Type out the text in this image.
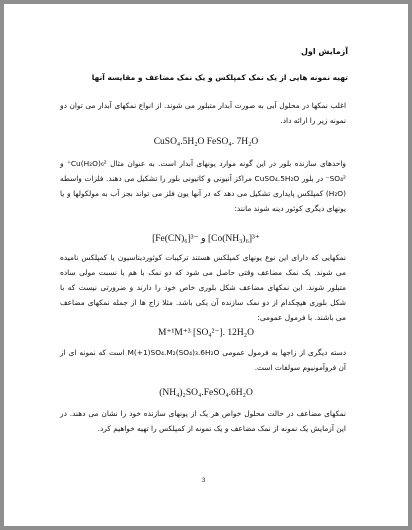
آزمایش اول

تهیه نمونه هایی از یک نمک کمپلکس و یک نمک مضاعف و مقایسه آنها

اغلب نمکها در محلول آبی به صورت آبدار متبلور می شوند. از انواع نمکهای آبدار می توان دو نمونه زیر را ارائه داد.

CuSO₄.5H₂O FeSO₄. 7H₂O

واحدهای سازنده بلور در این گونه موارد یونهای آبدار است. به عنوان مثال Cu(H₂O)₆²⁺ و SO₄²⁻ در بلور CuSO₄.5H₂O مراکز آنیونی و کاتیونی بلور را تشکیل می دهند. فلزات واسطه (H₂O) کمپلکس پایداری تشکیل می دهد که در آنها یون فلز می تواند بجز آب به مولکولها و یا یونهای دیگری کوئور دینه شوند مانند:

[Fe(CN)₆]³⁻ و [Co(NH₃)₆]³⁺

نمکهایی که دارای این نوع یونهای کمپلکس هستند ترکیبات کوئوردیناسیون یا کمپلکس نامیده می شوند. یک نمک مضاعف وقتی حاصل می شود که دو نمک با هم با نسبت مولی ساده متبلور شوند. این نمکهای مضاعف شکل بلوری خاص خود را دارند و ضرورتی نیست که با شکل بلوری هیچکدام از دو نمک سازنده آن یکی باشد. مثلا زاج ها از جمله نمکهای مضاعف می باشند. با فرمول عمومی:

M⁺¹M⁺³ [SO₄²⁻]. 12H₂O

دسته دیگری از زاجها به فرمول عمومی M(+1)SO₄.M₂(SO₄)₃.6H₂O است که نمونه ای از آن فروآمونیوم سولفات است.

(NH₄)₂SO₄.FeSO₄.6H₂O

نمکهای مضاعف در حالت محلول خواص هر یک از یونهای سازنده خود را نشان می دهند. در این آزمایش یک نمونه از نمک مضاعف و یک نمونه از کمپلکس را تهیه خواهیم کرد.

3
